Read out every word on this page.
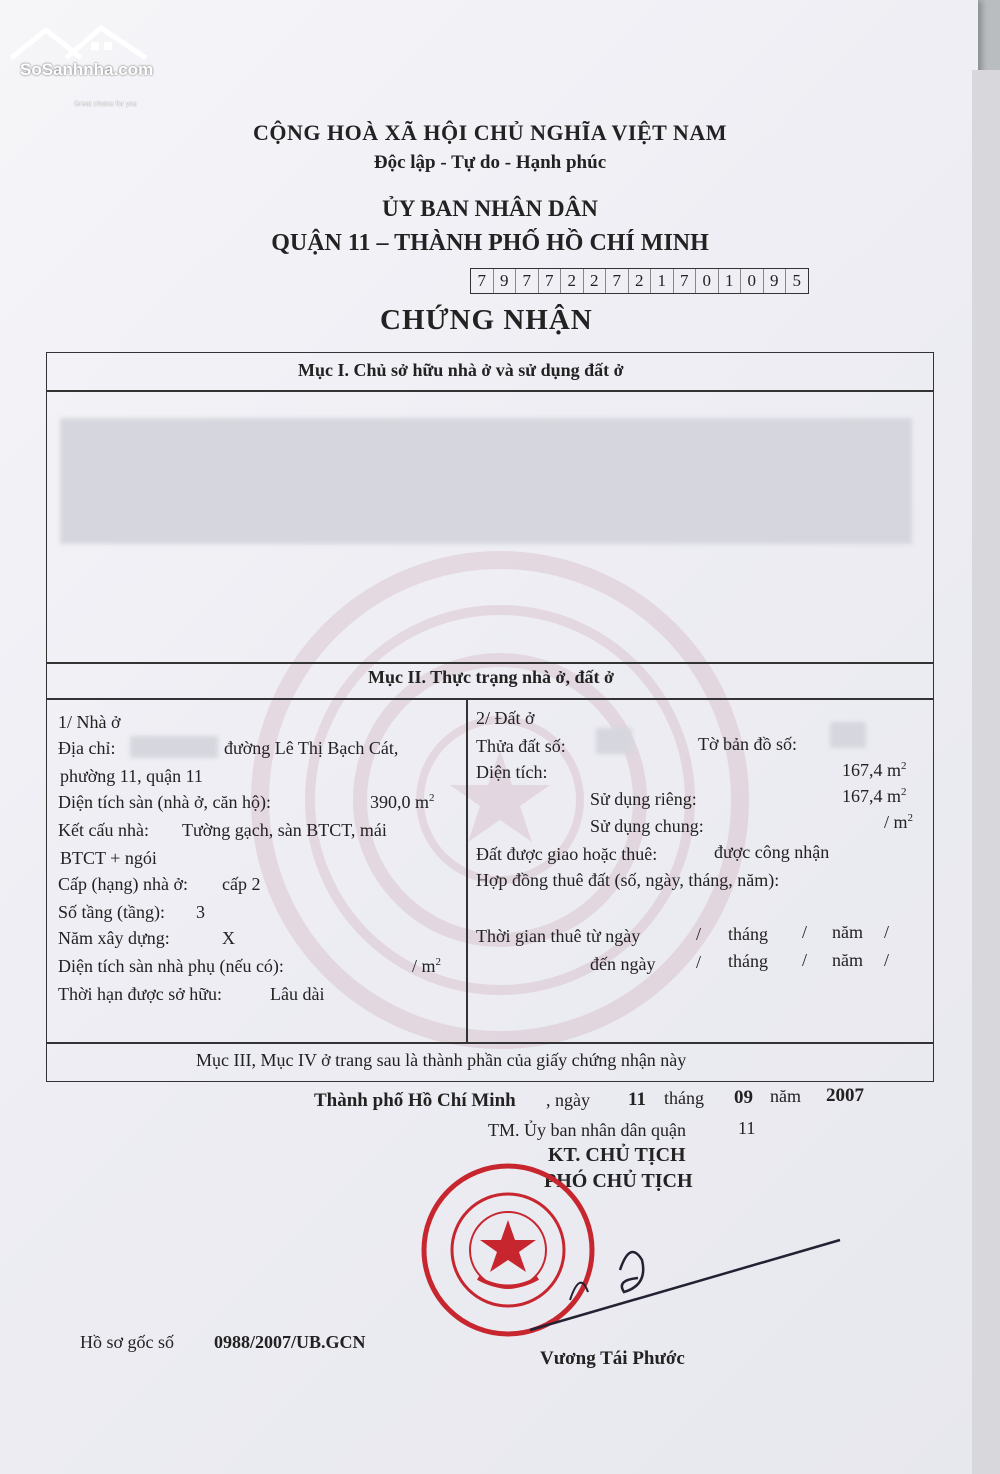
SoSanhnha.com
Great choice for you
CỘNG HOÀ XÃ HỘI CHỦ NGHĨA VIỆT NAM
Độc lập - Tự do - Hạnh phúc
ỦY BAN NHÂN DÂN
QUẬN 11 – THÀNH PHỐ HỒ CHÍ MINH
7 9 7 7 2 2 7 2 1 7 0 1 0 9 5
CHỨNG NHẬN
Mục I. Chủ sở hữu nhà ở và sử dụng đất ở
Mục II. Thực trạng nhà ở, đất ở
1/ Nhà ở
Địa chỉ:	đường Lê Thị Bạch Cát,
phường 11, quận 11
Diện tích sàn (nhà ở, căn hộ):	390,0 $m^2$
Kết cấu nhà: Tường gạch, sàn BTCT, mái
BTCT + ngói
Cấp (hạng) nhà ở: cấp 2
Số tầng (tầng): 3
Năm xây dựng:	X
Diện tích sàn nhà phụ (nếu có):	/ $m^2$
Thời hạn được sở hữu:	Lâu dài
2/ Đất ở
Thửa đất số:	Tờ bản đồ số:
Diện tích:	167,4 $m^2$
Sử dụng riêng:	167,4 $m^2$
Sử dụng chung:	/ $m^2$
Đất được giao hoặc thuê:	được công nhận
Hợp đồng thuê đất (số, ngày, tháng, năm):
Thời gian thuê từ ngày	/ tháng / năm /
đến ngày / tháng / năm /
Mục III, Mục IV ở trang sau là thành phần của giấy chứng nhận này
Thành phố Hồ Chí Minh , ngày 11 tháng 09 năm 2007
TM. Ủy ban nhân dân quận	11
KT. CHỦ TỊCH
PHÓ CHỦ TỊCH
Vương Tái Phước
Hồ sơ gốc số 0988/2007/UB.GCN
